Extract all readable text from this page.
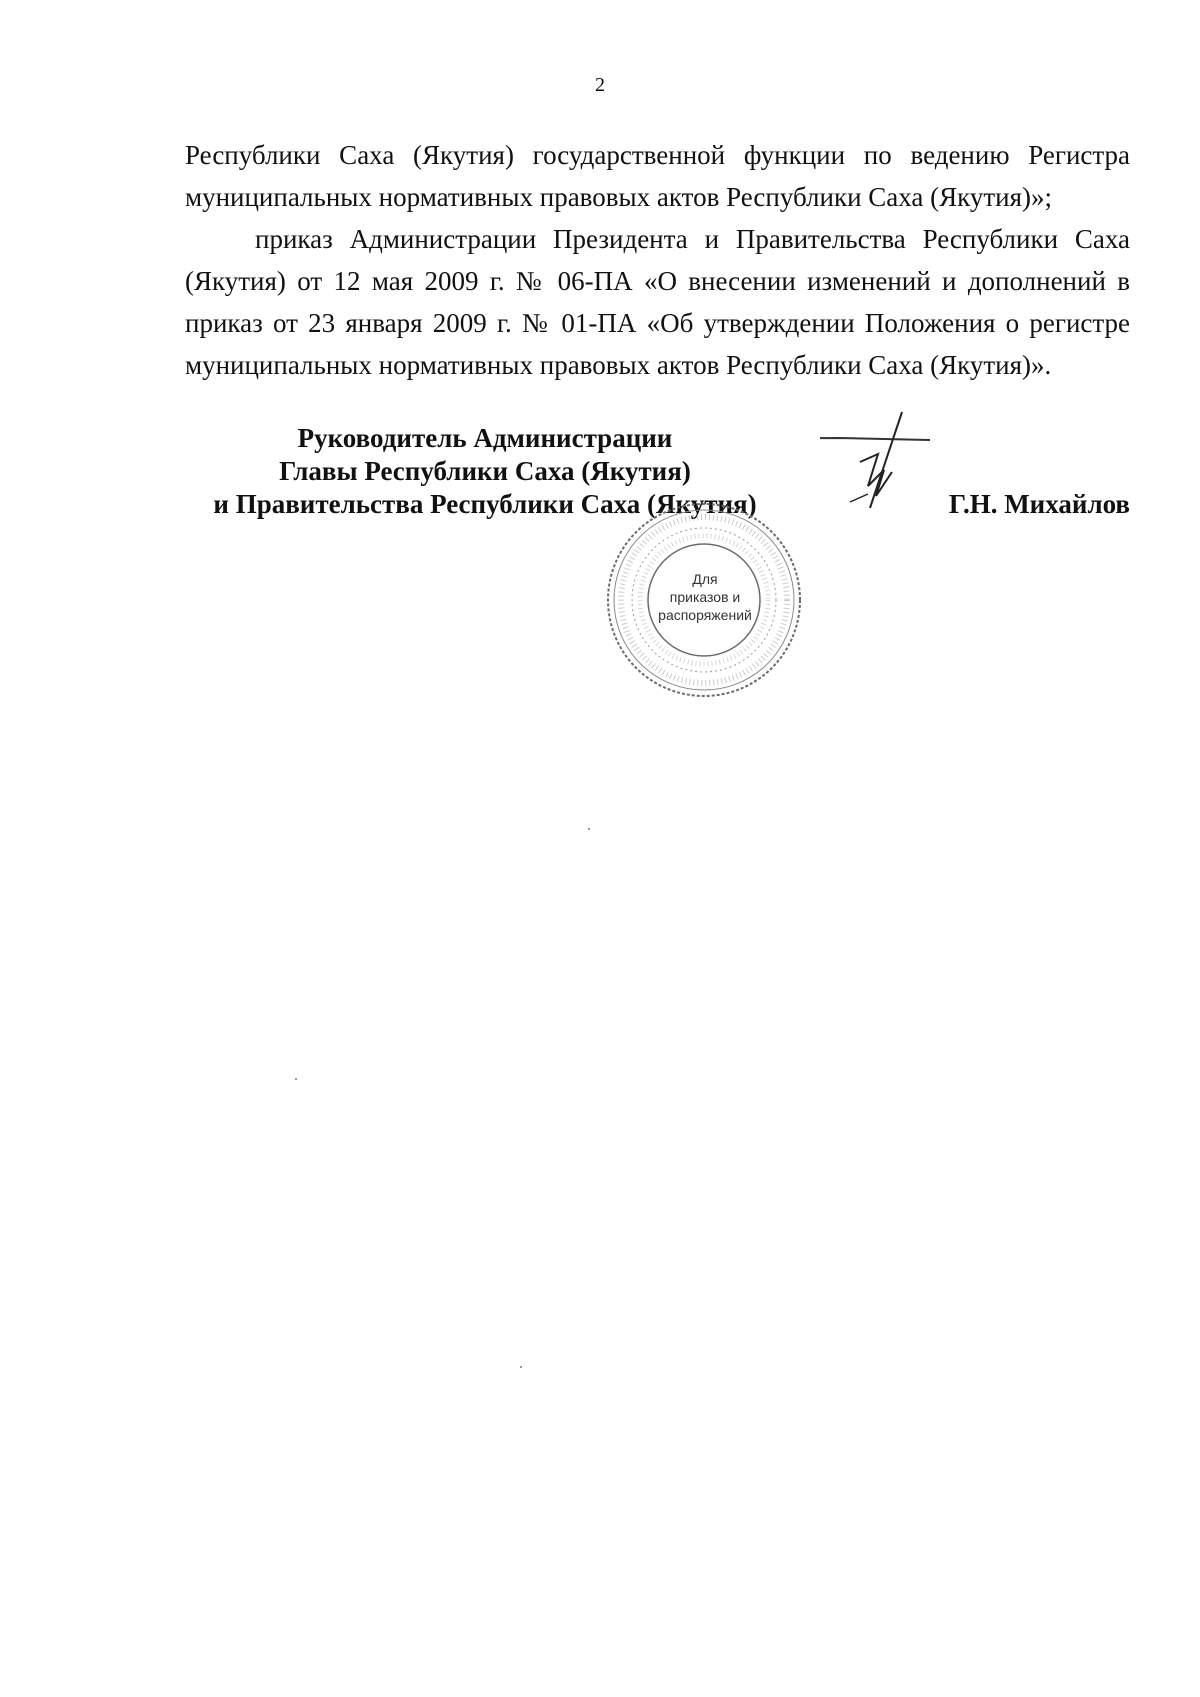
2

Республики Саха (Якутия) государственной функции по ведению Регистра муниципальных нормативных правовых актов Республики Саха (Якутия)»;

приказ Администрации Президента и Правительства Республики Саха (Якутия) от 12 мая 2009 г. № 06-ПА «О внесении изменений и дополнений в приказ от 23 января 2009 г. № 01-ПА «Об утверждении Положения о регистре муниципальных нормативных правовых актов Республики Саха (Якутия)».

Руководитель Администрации
Главы Республики Саха (Якутия)
и Правительства Республики Саха (Якутия)	Г.Н. Михайлов
Для
приказов и
распоряжений
